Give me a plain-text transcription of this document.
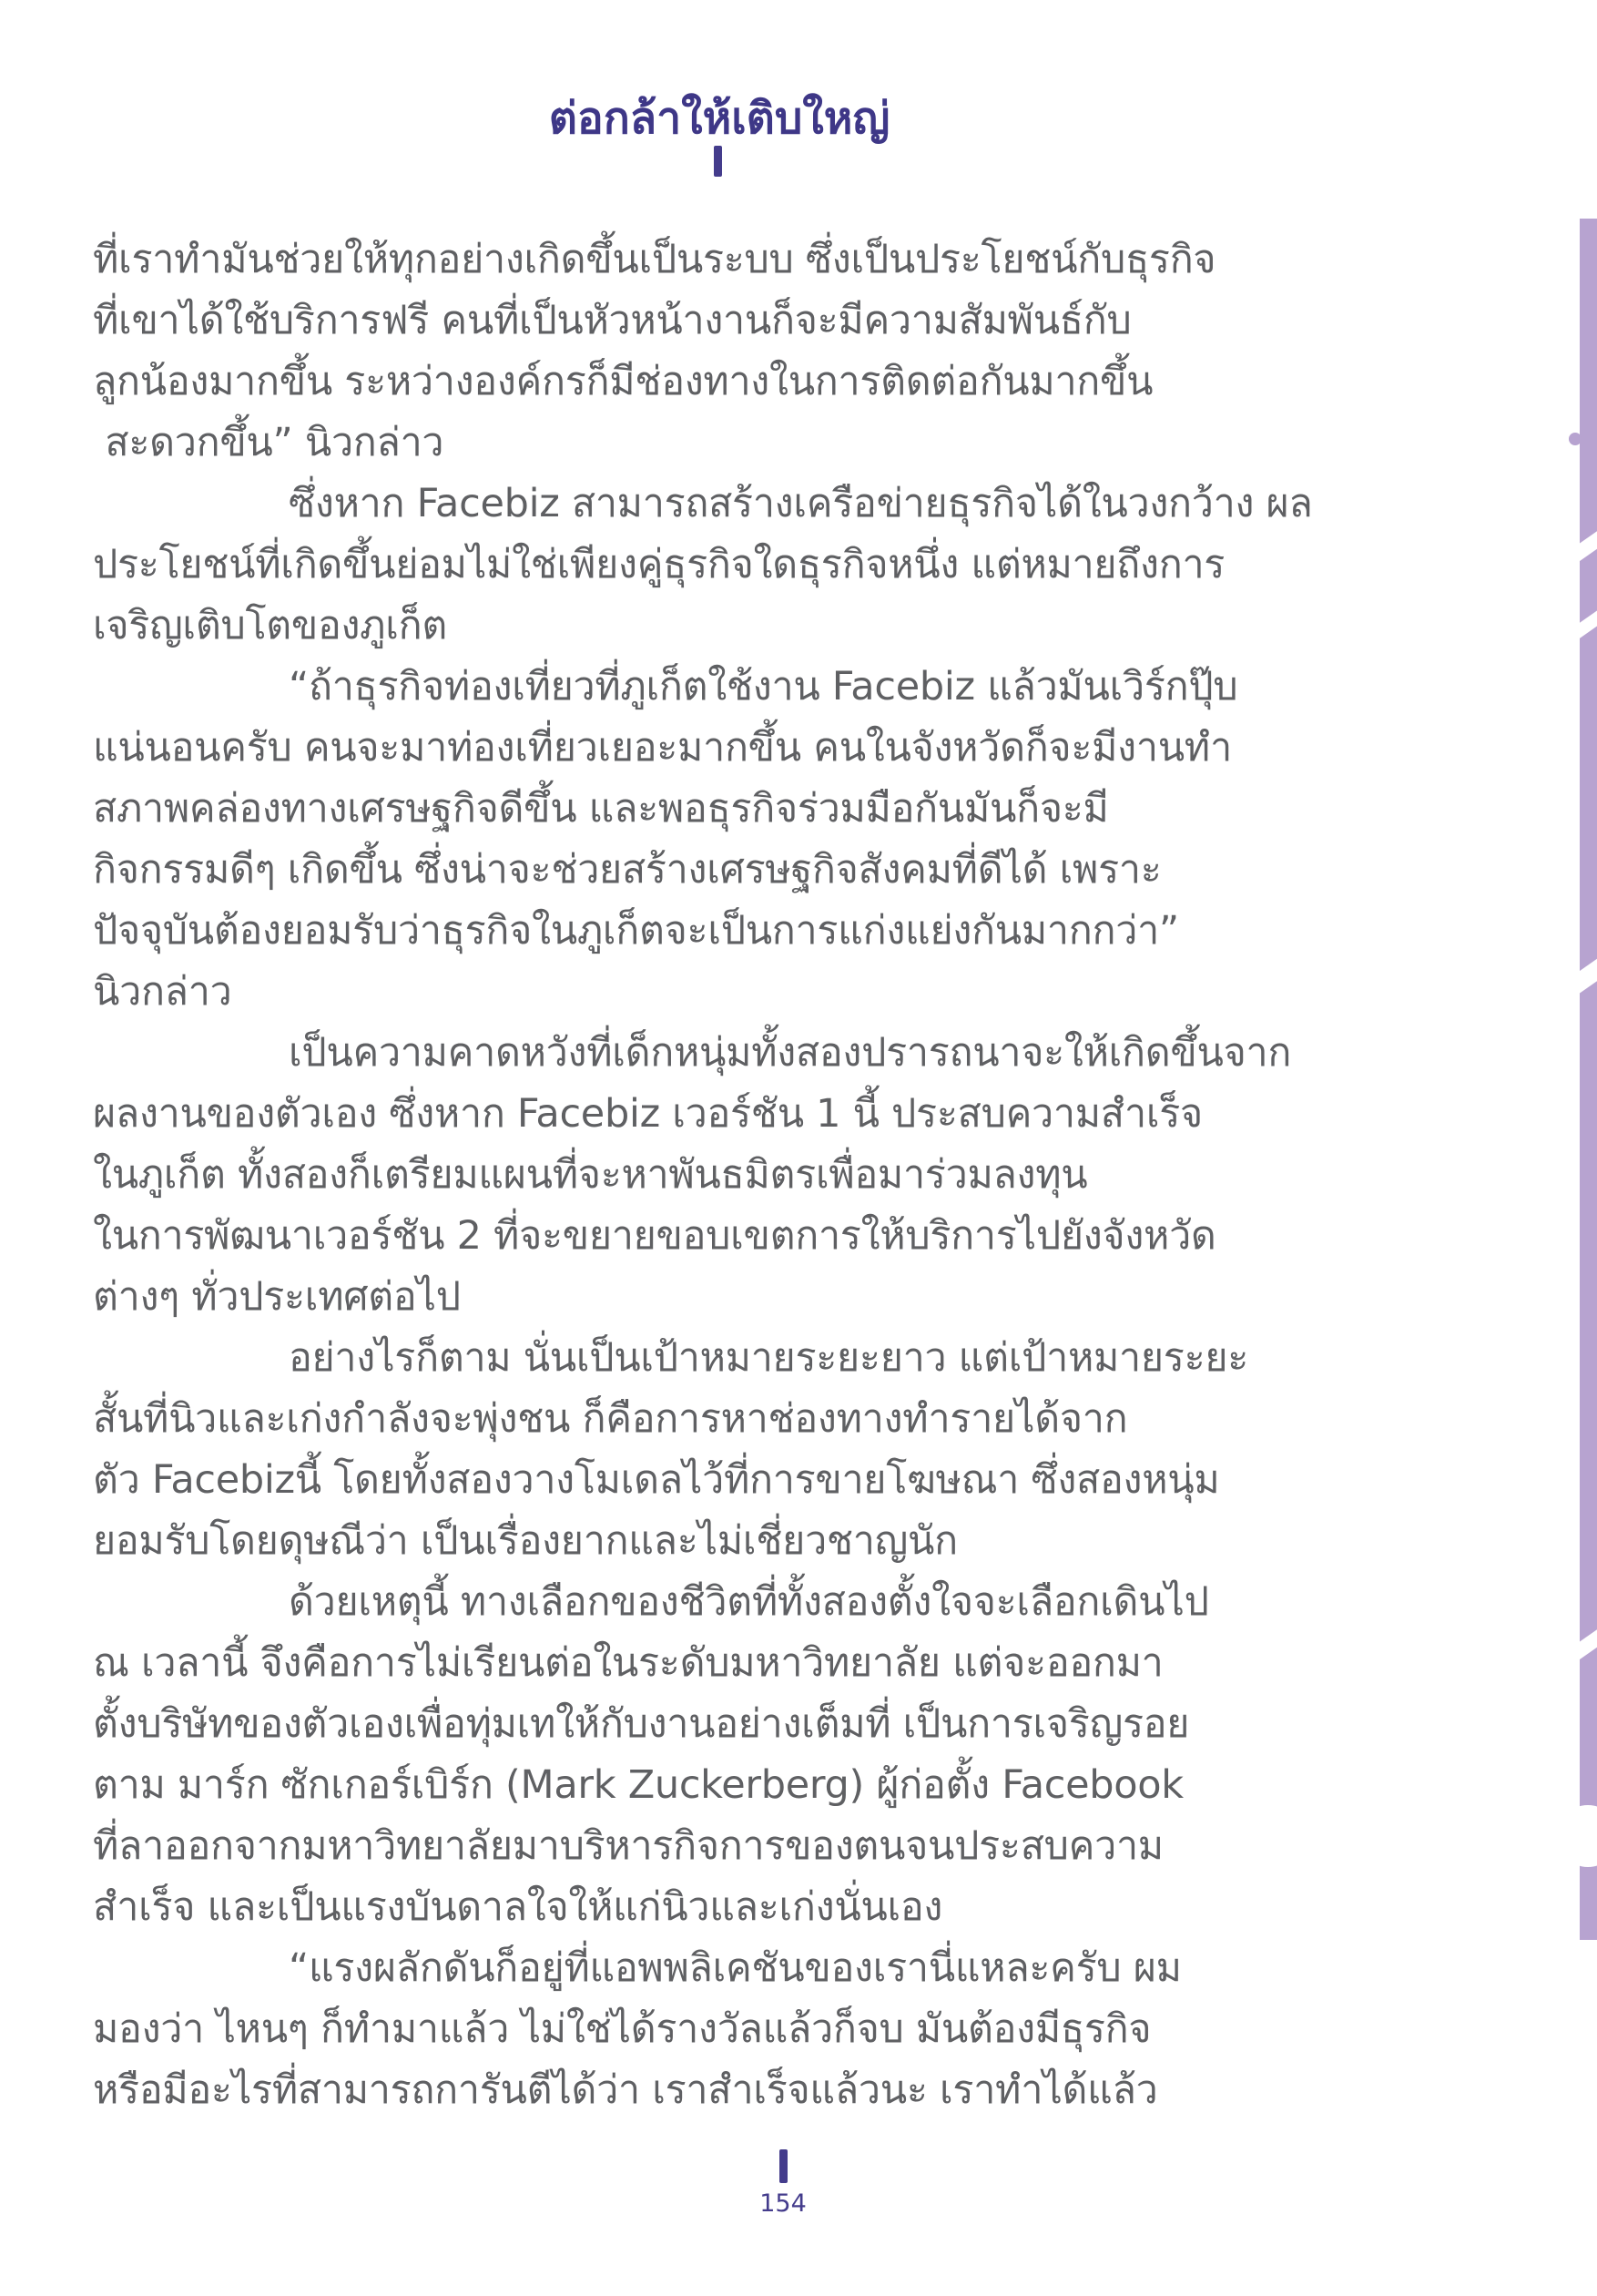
ต่อกล้าให้เติบใหญ่
ที่เราทำมันช่วยให้ทุกอย่างเกิดขึ้นเป็นระบบ ซึ่งเป็นประโยชน์กับธุรกิจ
ที่เขาได้ใช้บริการฟรี คนที่เป็นหัวหน้างานก็จะมีความสัมพันธ์กับ
ลูกน้องมากขึ้น ระหว่างองค์กรก็มีช่องทางในการติดต่อกันมากขึ้น
สะดวกขึ้น” นิวกล่าว
ซึ่งหาก Facebiz สามารถสร้างเครือข่ายธุรกิจได้ในวงกว้าง ผล
ประโยชน์ที่เกิดขึ้นย่อมไม่ใช่เพียงคู่ธุรกิจใดธุรกิจหนึ่ง แต่หมายถึงการ
เจริญเติบโตของภูเก็ต
“ถ้าธุรกิจท่องเที่ยวที่ภูเก็ตใช้งาน Facebiz แล้วมันเวิร์กปุ๊บ
แน่นอนครับ คนจะมาท่องเที่ยวเยอะมากขึ้น คนในจังหวัดก็จะมีงานทำ
สภาพคล่องทางเศรษฐกิจดีขึ้น และพอธุรกิจร่วมมือกันมันก็จะมี
กิจกรรมดีๆ เกิดขึ้น ซึ่งน่าจะช่วยสร้างเศรษฐกิจสังคมที่ดีได้ เพราะ
ปัจจุบันต้องยอมรับว่าธุรกิจในภูเก็ตจะเป็นการแก่งแย่งกันมากกว่า”
นิวกล่าว
เป็นความคาดหวังที่เด็กหนุ่มทั้งสองปรารถนาจะให้เกิดขึ้นจาก
ผลงานของตัวเอง ซึ่งหาก Facebiz เวอร์ชัน 1 นี้ ประสบความสำเร็จ
ในภูเก็ต ทั้งสองก็เตรียมแผนที่จะหาพันธมิตรเพื่อมาร่วมลงทุน
ในการพัฒนาเวอร์ชัน 2 ที่จะขยายขอบเขตการให้บริการไปยังจังหวัด
ต่างๆ ทั่วประเทศต่อไป
อย่างไรก็ตาม นั่นเป็นเป้าหมายระยะยาว แต่เป้าหมายระยะ
สั้นที่นิวและเก่งกำลังจะพุ่งชน ก็คือการหาช่องทางทำรายได้จาก
ตัว Facebizนี้ โดยทั้งสองวางโมเดลไว้ที่การขายโฆษณา ซึ่งสองหนุ่ม
ยอมรับโดยดุษณีว่า เป็นเรื่องยากและไม่เชี่ยวชาญนัก
ด้วยเหตุนี้ ทางเลือกของชีวิตที่ทั้งสองตั้งใจจะเลือกเดินไป
ณ เวลานี้ จึงคือการไม่เรียนต่อในระดับมหาวิทยาลัย แต่จะออกมา
ตั้งบริษัทของตัวเองเพื่อทุ่มเทให้กับงานอย่างเต็มที่ เป็นการเจริญรอย
ตาม มาร์ก ซักเกอร์เบิร์ก (Mark Zuckerberg) ผู้ก่อตั้ง Facebook
ที่ลาออกจากมหาวิทยาลัยมาบริหารกิจการของตนจนประสบความ
สำเร็จ และเป็นแรงบันดาลใจให้แก่นิวและเก่งนั่นเอง
“แรงผลักดันก็อยู่ที่แอพพลิเคชันของเรานี่แหละครับ ผม
มองว่า ไหนๆ ก็ทำมาแล้ว ไม่ใช่ได้รางวัลแล้วก็จบ มันต้องมีธุรกิจ
หรือมีอะไรที่สามารถการันตีได้ว่า เราสำเร็จแล้วนะ เราทำได้แล้ว
154
